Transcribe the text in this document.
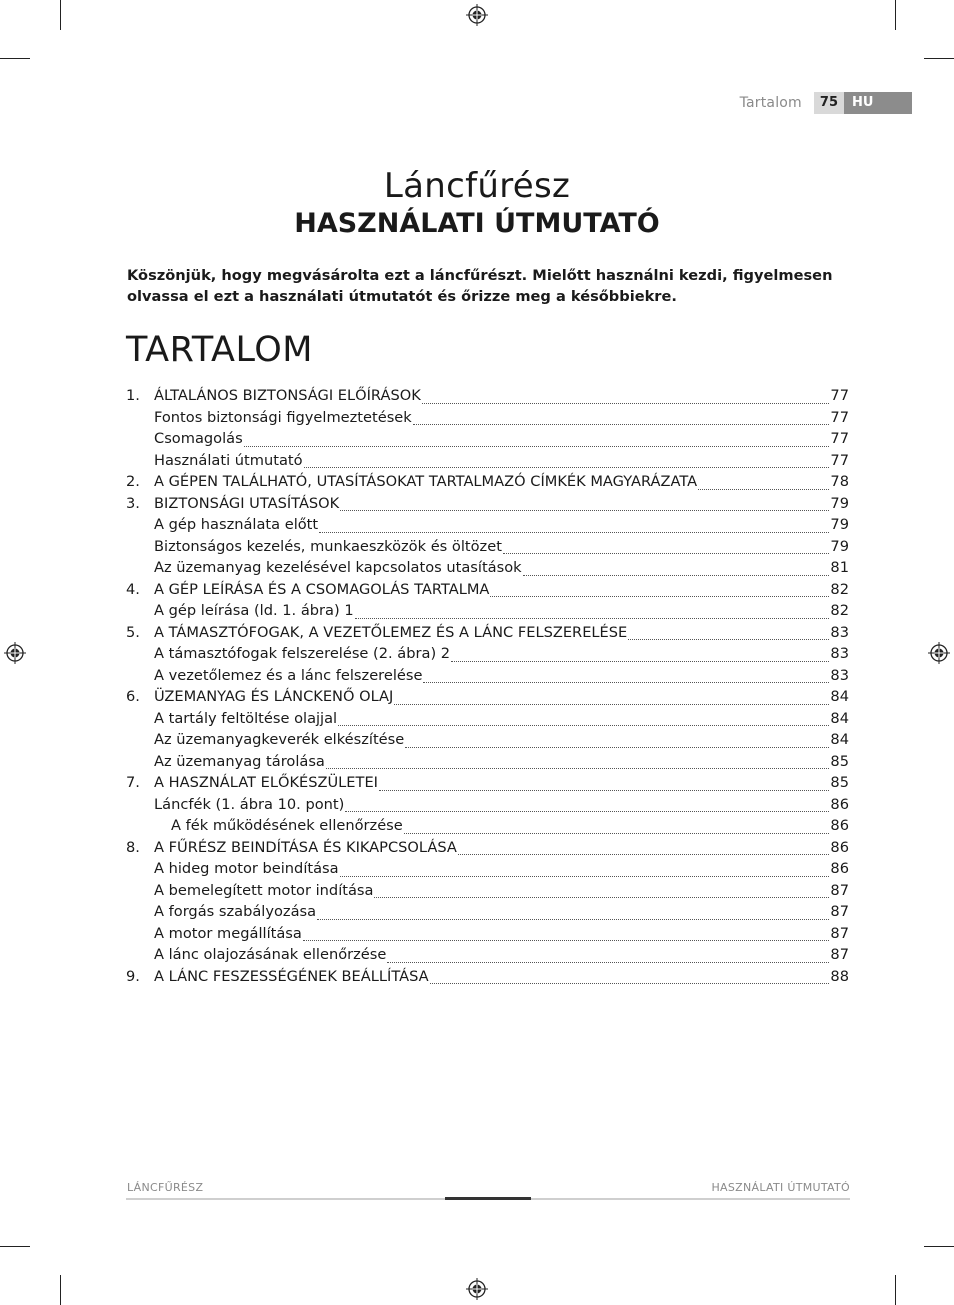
Tartalom	75	HU
Láncfűrész
HASZNÁLATI ÚTMUTATÓ
Köszönjük, hogy megvásárolta ezt a láncfűrészt. Mielőtt használni kezdi, figyelmesen olvassa el ezt a használati útmutatót és őrizze meg a későbbiekre.
TARTALOM
1. ÁLTALÁNOS BIZTONSÁGI ELŐÍRÁSOK	77
Fontos biztonsági figyelmeztetések	77
Csomagolás	77
Használati útmutató	77
2. A GÉPEN TALÁLHATÓ, UTASÍTÁSOKAT TARTALMAZÓ CÍMKÉK MAGYARÁZATA	78
3. BIZTONSÁGI UTASÍTÁSOK	79
A gép használata előtt	79
Biztonságos kezelés, munkaeszközök és öltözet	79
Az üzemanyag kezelésével kapcsolatos utasítások	81
4. A GÉP LEÍRÁSA ÉS A CSOMAGOLÁS TARTALMA	82
A gép leírása (ld. 1. ábra) 1	82
5. A TÁMASZTÓFOGAK, A VEZETŐLEMEZ ÉS A LÁNC FELSZERELÉSE	83
A támasztófogak felszerelése (2. ábra) 2	83
A vezetőlemez és a lánc felszerelése	83
6. ÜZEMANYAG ÉS LÁNCKENŐ OLAJ	84
A tartály feltöltése olajjal	84
Az üzemanyagkeverék elkészítése	84
Az üzemanyag tárolása	85
7. A HASZNÁLAT ELŐKÉSZÜLETEI	85
Láncfék (1. ábra 10. pont)	86
A fék működésének ellenőrzése	86
8. A FŰRÉSZ BEINDÍTÁSA ÉS KIKAPCSOLÁSA	86
A hideg motor beindítása	86
A bemelegített motor indítása	87
A forgás szabályozása	87
A motor megállítása	87
A lánc olajozásának ellenőrzése	87
9. A LÁNC FESZESSÉGÉNEK BEÁLLÍTÁSA	88
LÁNCFŰRÉSZ	HASZNÁLATI ÚTMUTATÓ
